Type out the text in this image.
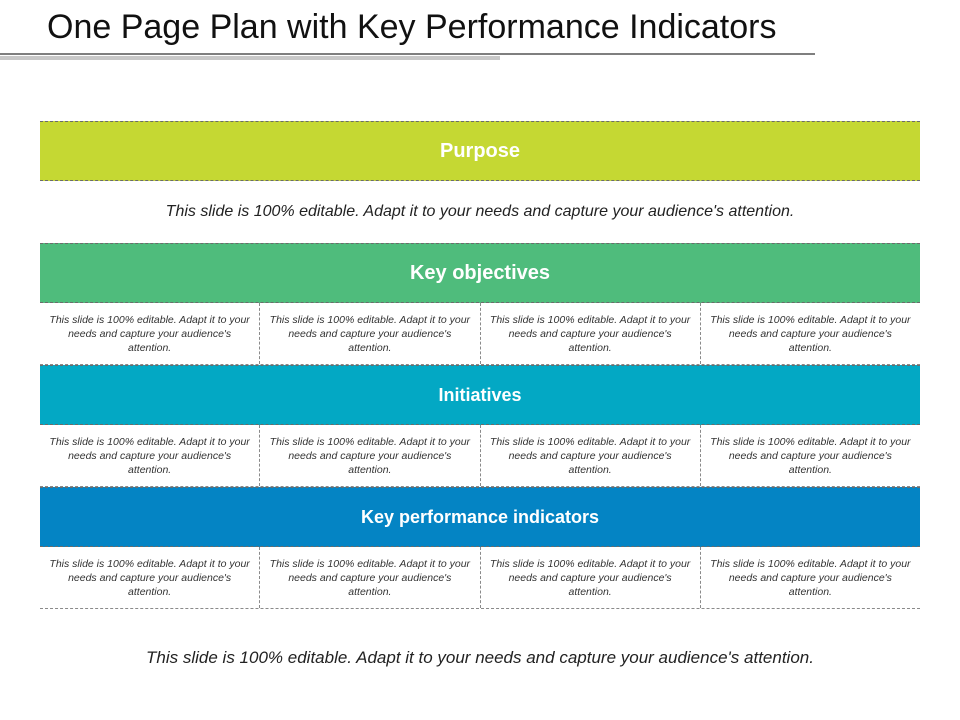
One Page Plan with Key Performance Indicators
Purpose
This slide is 100% editable. Adapt it to your needs and capture your audience's attention.
Key objectives
This slide is 100% editable. Adapt it to your needs and capture your audience's attention.
This slide is 100% editable. Adapt it to your needs and capture your audience's attention.
This slide is 100% editable. Adapt it to your needs and capture your audience's attention.
This slide is 100% editable. Adapt it to your needs and capture your audience's attention.
Initiatives
This slide is 100% editable. Adapt it to your needs and capture your audience's attention.
This slide is 100% editable. Adapt it to your needs and capture your audience's attention.
This slide is 100% editable. Adapt it to your needs and capture your audience's attention.
This slide is 100% editable. Adapt it to your needs and capture your audience's attention.
Key performance indicators
This slide is 100% editable. Adapt it to your needs and capture your audience's attention.
This slide is 100% editable. Adapt it to your needs and capture your audience's attention.
This slide is 100% editable. Adapt it to your needs and capture your audience's attention.
This slide is 100% editable. Adapt it to your needs and capture your audience's attention.
This slide is 100% editable. Adapt it to your needs and capture your audience's attention.
